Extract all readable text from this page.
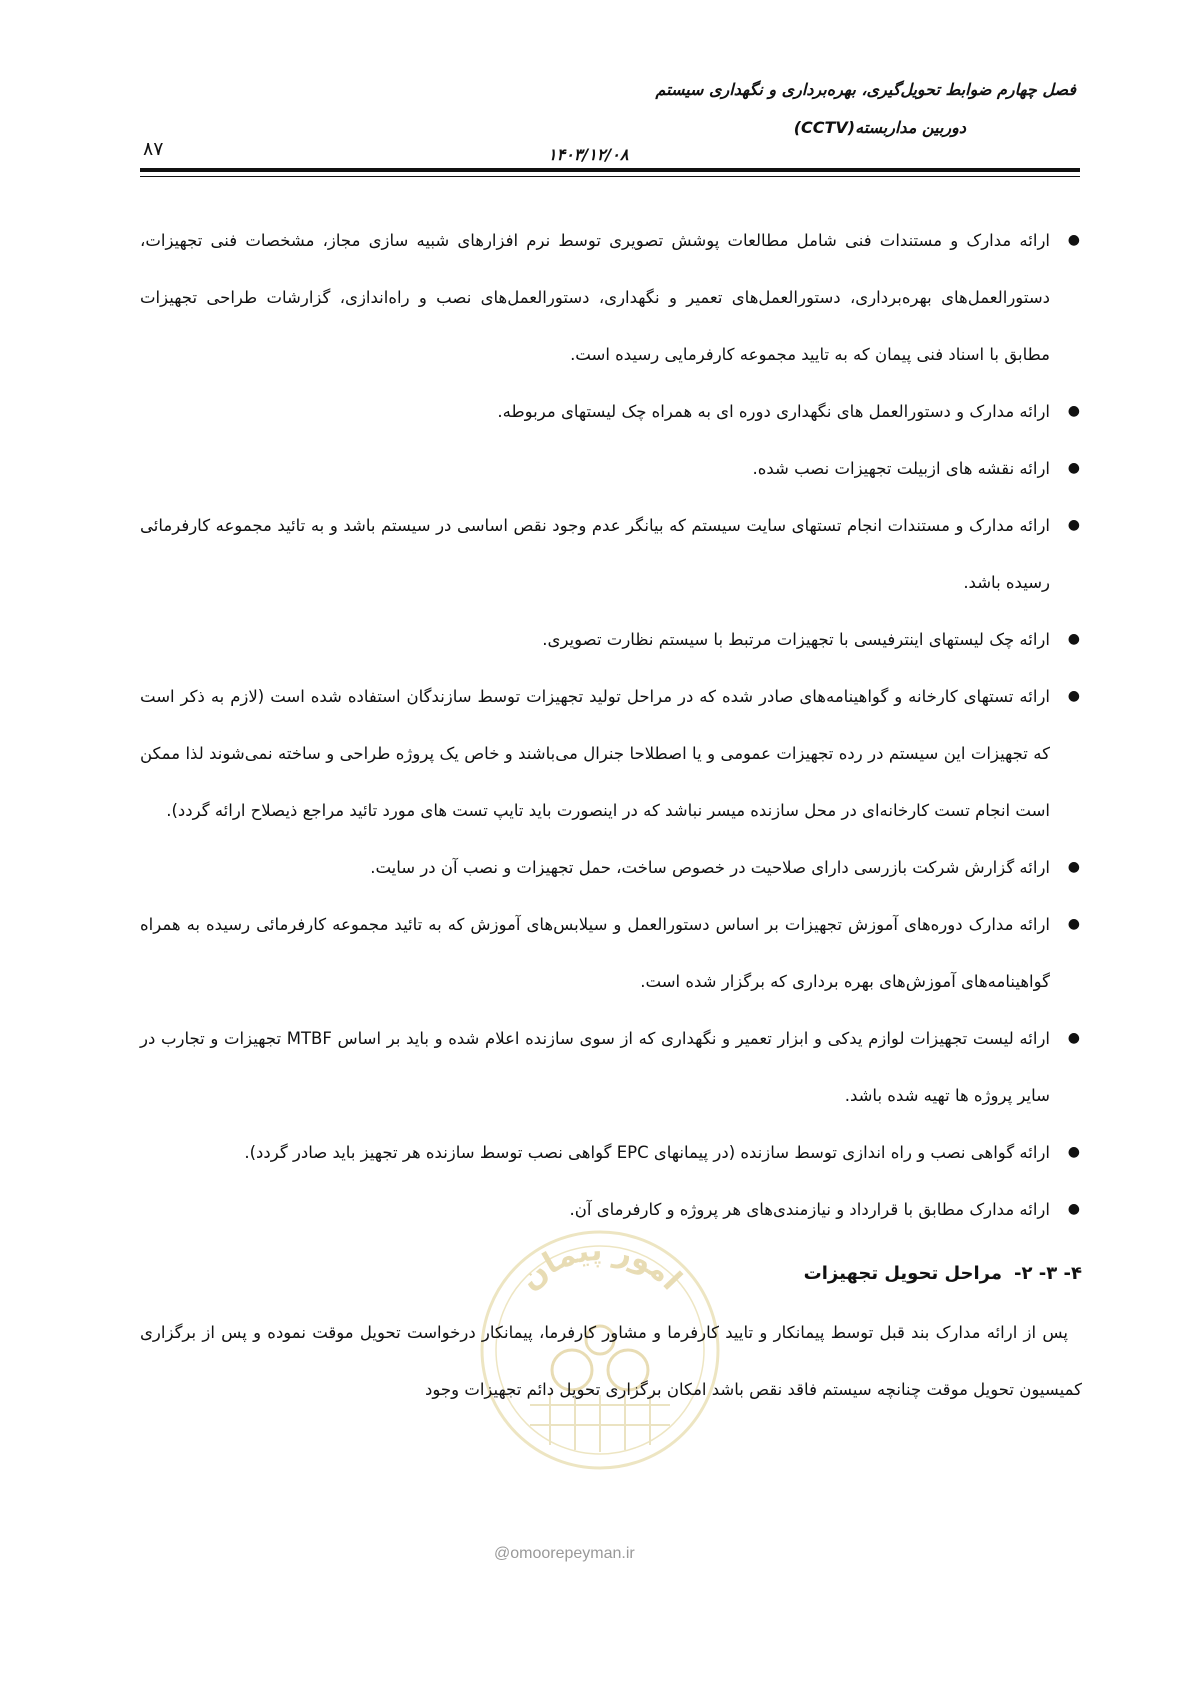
فصل چهارم ضوابط تحویل‌گیری، بهره‌برداری و نگهداری سیستم
دوربین مداربسته(CCTV)
۸۷	۱۴۰۳/۱۲/۰۸
امور پیمان
@omoorepeyman.ir
●
ارائه مدارک و مستندات فنی شامل مطالعات پوشش تصویری توسط نرم افزارهای شبیه سازی مجاز، مشخصات فنی تجهیزات، دستورالعمل‌های بهره‌برداری، دستورالعمل‌های تعمیر و نگهداری، دستورالعمل‌های نصب و راه‌اندازی، گزارشات طراحی تجهیزات مطابق با اسناد فنی پیمان که به تایید مجموعه کارفرمایی رسیده است.
●
ارائه مدارک و دستورالعمل های نگهداری دوره ای به همراه چک لیستهای مربوطه.
●
ارائه نقشه های ازبیلت تجهیزات نصب شده.
●
ارائه مدارک و مستندات انجام تستهای سایت سیستم که بیانگر عدم وجود نقص اساسی در سیستم باشد و به تائید مجموعه کارفرمائی رسیده باشد.
●
ارائه چک لیستهای اینترفیسی با تجهیزات مرتبط با سیستم نظارت تصویری.
●
ارائه تستهای کارخانه و گواهینامه‌های صادر شده که در مراحل تولید تجهیزات توسط سازندگان استفاده شده است (لازم به ذکر است که تجهیزات این سیستم در رده تجهیزات عمومی و یا اصطلاحا جنرال می‌باشند و خاص یک پروژه طراحی و ساخته نمی‌شوند لذا ممکن است انجام تست کارخانه‌ای در محل سازنده میسر نباشد که در اینصورت باید تایپ تست های مورد تائید مراجع ذیصلاح ارائه گردد).
●
ارائه گزارش شرکت بازرسی دارای صلاحیت در خصوص ساخت، حمل تجهیزات و نصب آن در سایت.
●
ارائه مدارک دوره‌های آموزش تجهیزات بر اساس دستورالعمل و سیلابس‌های آموزش که به تائید مجموعه کارفرمائی رسیده به همراه گواهینامه‌های آموزش‌های بهره برداری که برگزار شده است.
●
ارائه لیست تجهیزات لوازم یدکی و ابزار تعمیر و نگهداری که از سوی سازنده اعلام شده و باید بر اساس MTBF تجهیزات و تجارب در سایر پروژه ها تهیه شده باشد.
●
ارائه گواهی نصب و راه اندازی توسط سازنده (در پیمانهای EPC گواهی نصب توسط سازنده هر تجهیز باید صادر گردد).
●
ارائه مدارک مطابق با قرارداد و نیازمندی‌های هر پروژه و کارفرمای آن.
۴- ۳- ۲-مراحل تحویل تجهیزات
پس از ارائه مدارک بند قبل توسط پیمانکار و تایید کارفرما و مشاور کارفرما، پیمانکار درخواست تحویل موقت نموده و پس از برگزاری کمیسیون تحویل موقت چنانچه سیستم فاقد نقص باشد امکان برگزاری تحویل دائم تجهیزات وجود
